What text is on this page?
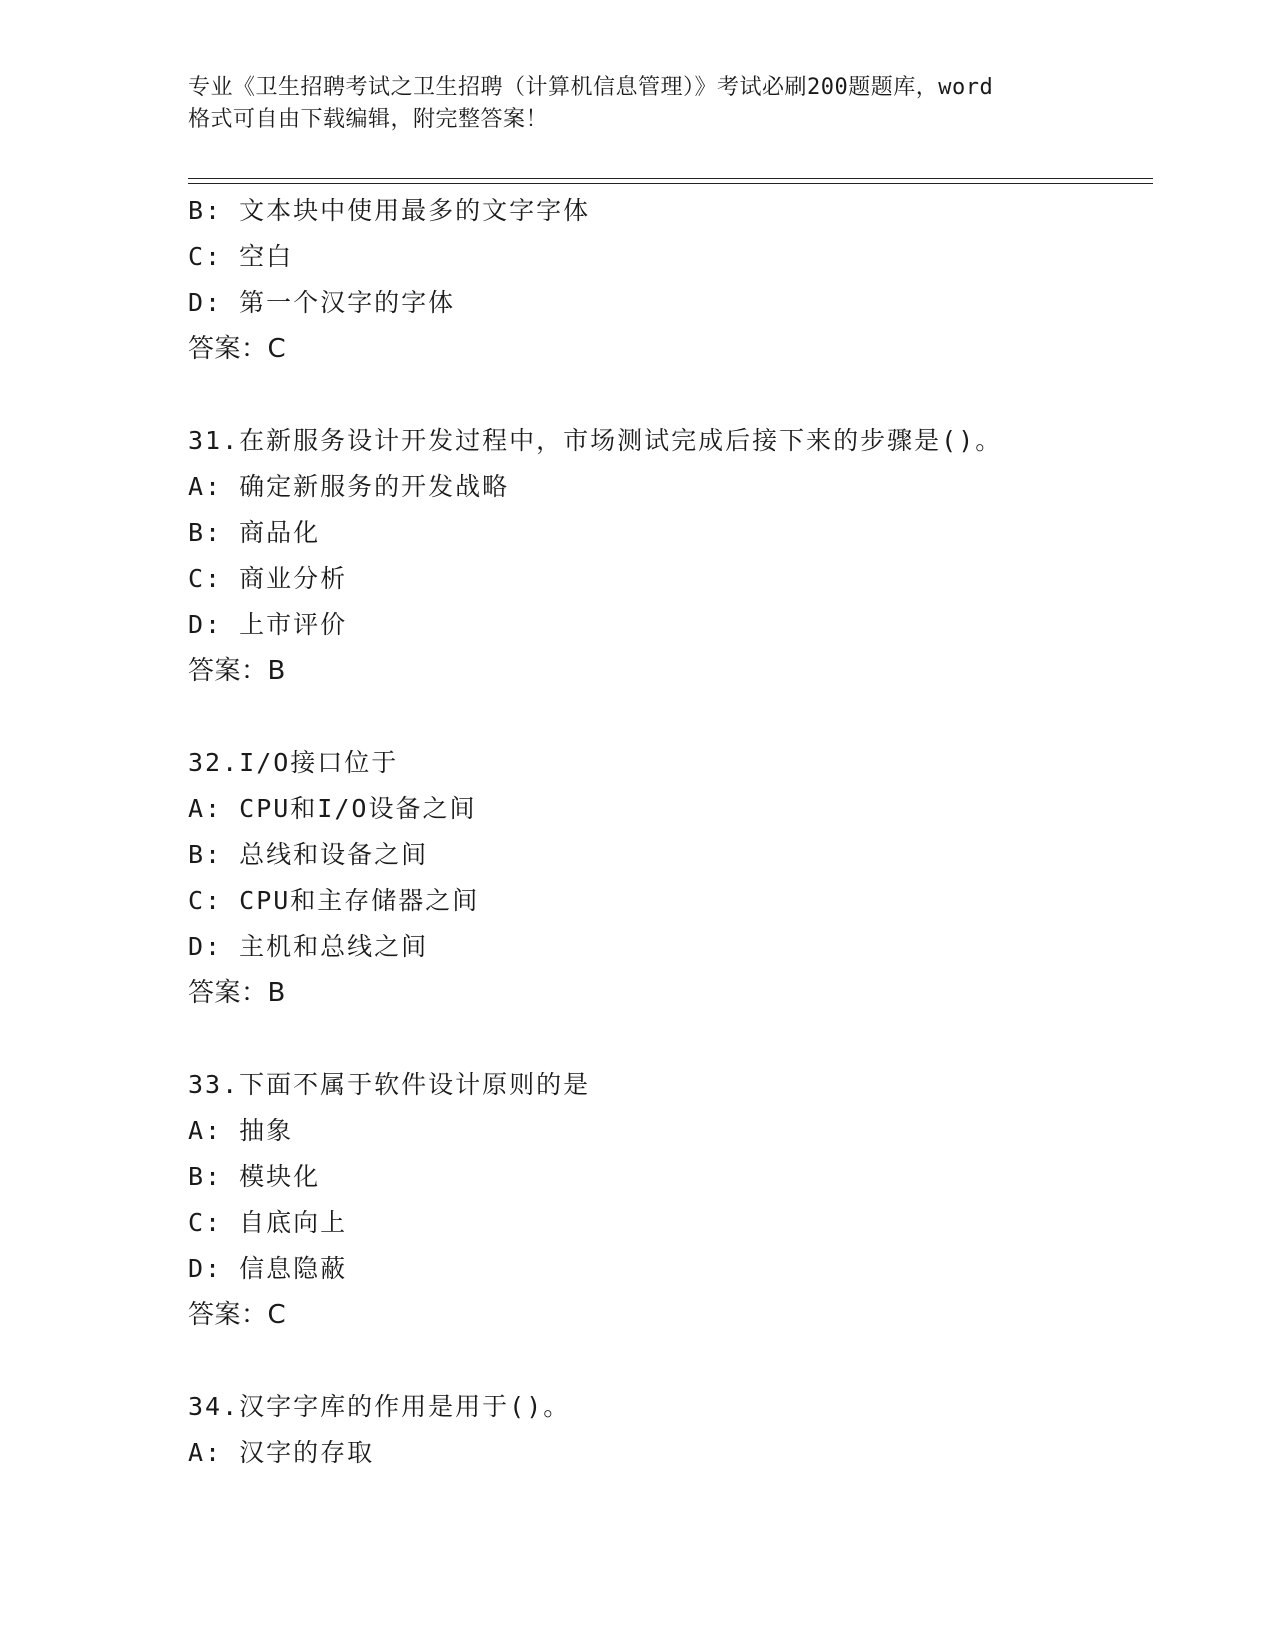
专业《卫生招聘考试之卫生招聘（计算机信息管理）》考试必刷200题题库，word
格式可自由下载编辑，附完整答案！
B: 文本块中使用最多的文字字体
C: 空白
D: 第一个汉字的字体
答案：C
31.在新服务设计开发过程中，市场测试完成后接下来的步骤是()。
A: 确定新服务的开发战略
B: 商品化
C: 商业分析
D: 上市评价
答案：B
32.I/O接口位于
A: CPU和I/O设备之间
B: 总线和设备之间
C: CPU和主存储器之间
D: 主机和总线之间
答案：B
33.下面不属于软件设计原则的是
A: 抽象
B: 模块化
C: 自底向上
D: 信息隐蔽
答案：C
34.汉字字库的作用是用于()。
A: 汉字的存取
